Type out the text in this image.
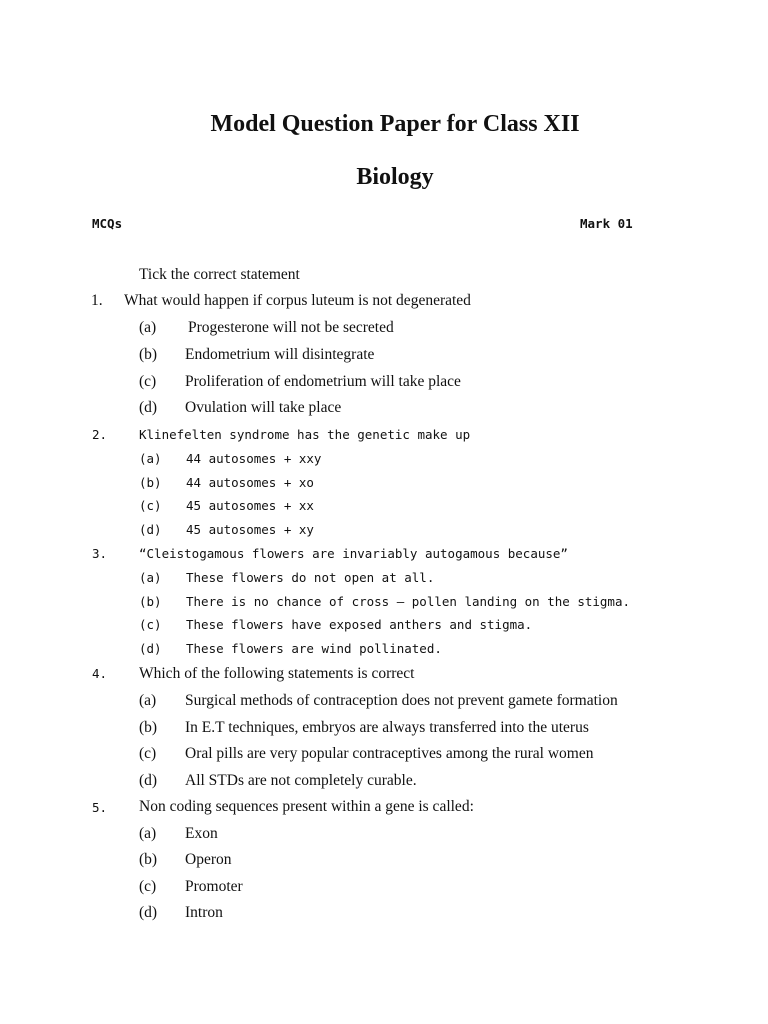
Model Question Paper for Class XII
Biology
MCQs	Mark 01
Tick the correct statement
1. What would happen if corpus luteum is not degenerated
(a) Progesterone will not be secreted
(b) Endometrium will disintegrate
(c) Proliferation of endometrium will take place
(d) Ovulation will take place
2.	Klinefelten syndrome has the genetic make up
(a) 44 autosomes + xxy
(b) 44 autosomes + xo
(c) 45 autosomes + xx
(d) 45 autosomes + xy
3.	“Cleistogamous flowers are invariably autogamous because”
(a) These flowers do not open at all.
(b) There is no chance of cross – pollen landing on the stigma.
(c) These flowers have exposed anthers and stigma.
(d) These flowers are wind pollinated.
4. Which of the following statements is correct
(a) Surgical methods of contraception does not prevent gamete formation
(b) In E.T techniques, embryos are always transferred into the uterus
(c) Oral pills are very popular contraceptives among the rural women
(d) All STDs are not completely curable.
5. Non coding sequences present within a gene is called:
(a) Exon
(b) Operon
(c) Promoter
(d) Intron
